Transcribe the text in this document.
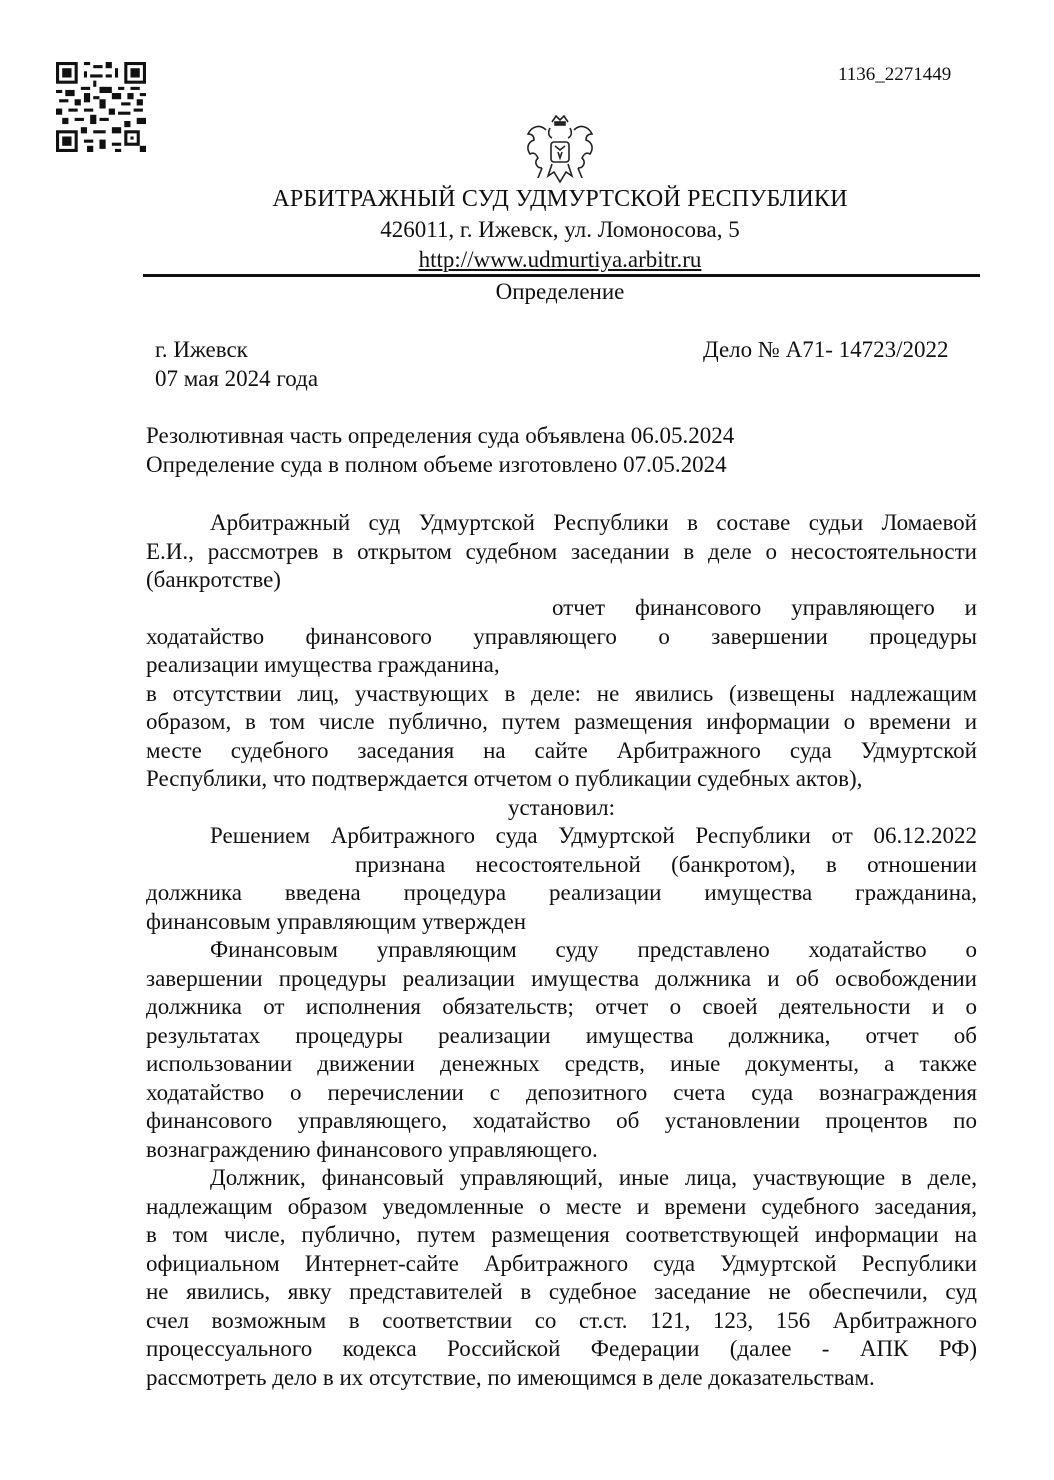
1136_2271449
АРБИТРАЖНЫЙ СУД УДМУРТСКОЙ РЕСПУБЛИКИ
426011, г. Ижевск, ул. Ломоносова, 5
http://www.udmurtiya.arbitr.ru
Определение
г. Ижевск
07 мая 2024 года
Дело № А71- 14723/2022
Резолютивная часть определения суда объявлена 06.05.2024
Определение суда в полном объеме изготовлено 07.05.2024
Арбитражный суд Удмуртской Республики в составе судьи Ломаевой
Е.И., рассмотрев в открытом судебном заседании в деле о несостоятельности
(банкротстве)
отчет финансового управляющего и
ходатайство финансового управляющего о завершении процедуры
реализации имущества гражданина,
в отсутствии лиц, участвующих в деле: не явились (извещены надлежащим
образом, в том числе публично, путем размещения информации о времени и
месте судебного заседания на сайте Арбитражного суда Удмуртской
Республики, что подтверждается отчетом о публикации судебных актов),
установил:
Решением Арбитражного суда Удмуртской Республики от 06.12.2022
признана несостоятельной (банкротом), в отношении
должника введена процедура реализации имущества гражданина,
финансовым управляющим утвержден
Финансовым управляющим суду представлено ходатайство о
завершении процедуры реализации имущества должника и об освобождении
должника от исполнения обязательств; отчет о своей деятельности и о
результатах процедуры реализации имущества должника, отчет об
использовании движении денежных средств, иные документы, а также
ходатайство о перечислении с депозитного счета суда вознаграждения
финансового управляющего, ходатайство об установлении процентов по
вознаграждению финансового управляющего.
Должник, финансовый управляющий, иные лица, участвующие в деле,
надлежащим образом уведомленные о месте и времени судебного заседания,
в том числе, публично, путем размещения соответствующей информации на
официальном Интернет-сайте Арбитражного суда Удмуртской Республики
не явились, явку представителей в судебное заседание не обеспечили, суд
счел возможным в соответствии со ст.ст. 121, 123, 156 Арбитражного
процессуального кодекса Российской Федерации (далее - АПК РФ)
рассмотреть дело в их отсутствие, по имеющимся в деле доказательствам.
